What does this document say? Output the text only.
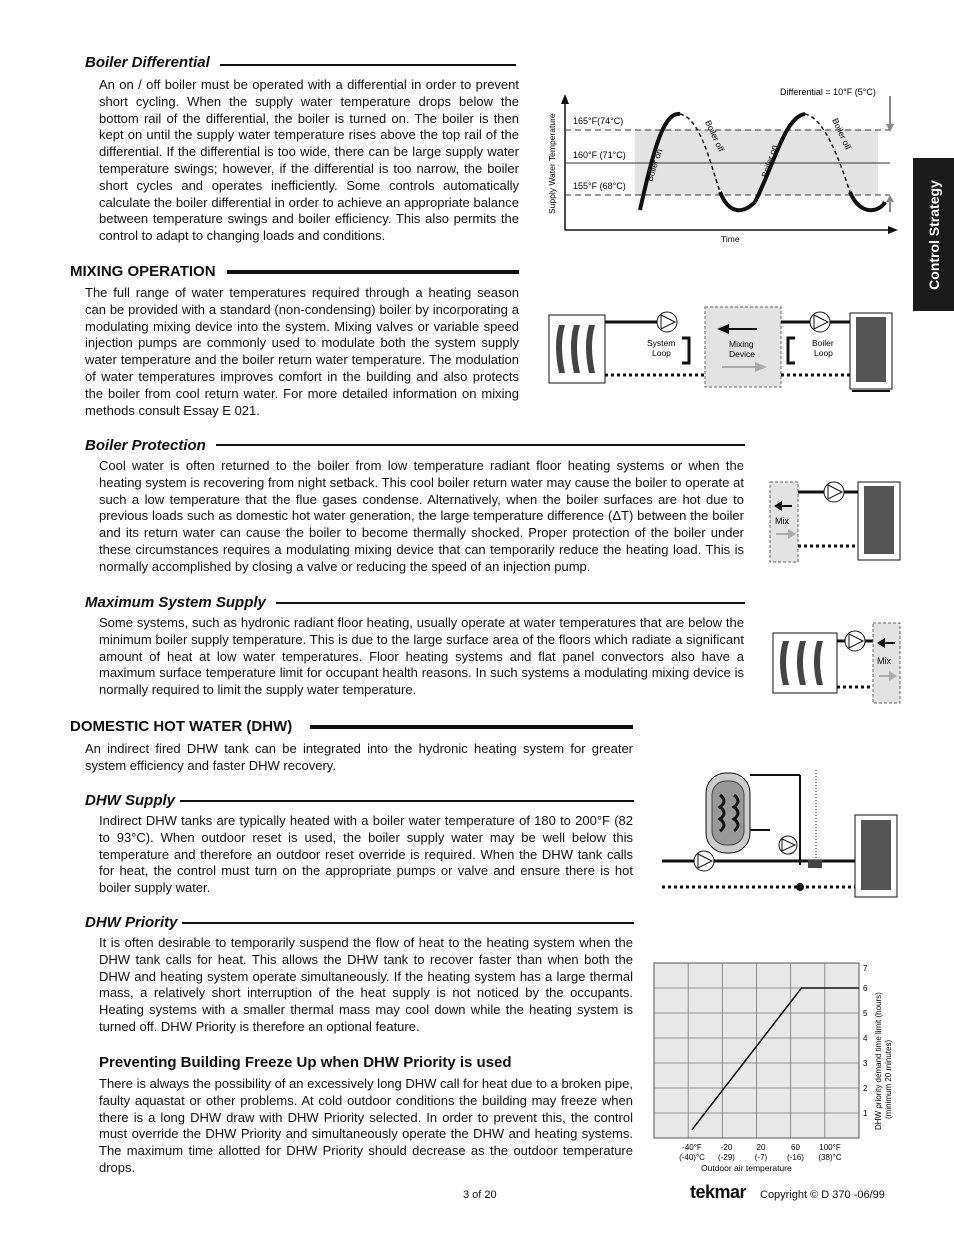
Control Strategy
Boiler Differential
An on / off boiler must be operated with a differential in order to prevent short cycling. When the supply water temperature drops below the bottom rail of the differential, the boiler is turned on. The boiler is then kept on until the supply water temperature rises above the top rail of the differential. If the differential is too wide, there can be large supply water temperature swings; however, if the differential is too narrow, the boiler short cycles and operates inefficiently. Some controls automatically calculate the boiler differential in order to achieve an appropriate balance between temperature swings and boiler efficiency. This also permits the control to adapt to changing loads and conditions.
Differential = 10°F (5°C)
Supply Water Temperature
Time
165°F(74°C)
160°F (71°C)
155°F (68°C)
Boiler on
Boiler off
Boiler on
Boiler off
MIXING OPERATION
The full range of water temperatures required through a heating season can be provided with a standard (non-condensing) boiler by incorporating a modulating mixing device into the system. Mixing valves or variable speed injection pumps are commonly used to modulate both the system supply water temperature and the boiler return water temperature. The modulation of water temperatures improves comfort in the building and also protects the boiler from cool return water. For more detailed information on mixing methods consult Essay E 021.
System
Loop
Mixing
Device
Boiler
Loop
Boiler Protection
Cool water is often returned to the boiler from low temperature radiant floor heating systems or when the heating system is recovering from night setback. This cool boiler return water may cause the boiler to operate at such a low temperature that the flue gases condense. Alternatively, when the boiler surfaces are hot due to previous loads such as domestic hot water generation, the large temperature difference (ΔT) between the boiler and its return water can cause the boiler to become thermally shocked. Proper protection of the boiler under these circumstances requires a modulating mixing device that can temporarily reduce the heating load. This is normally accomplished by closing a valve or reducing the speed of an injection pump.
Mix
Maximum System Supply
Some systems, such as hydronic radiant floor heating, usually operate at water temperatures that are below the minimum boiler supply temperature. This is due to the large surface area of the floors which radiate a significant amount of heat at low water temperatures. Floor heating systems and flat panel convectors also have a maximum surface temperature limit for occupant health reasons. In such systems a modulating mixing device is normally required to limit the supply water temperature.
Mix
DOMESTIC HOT WATER (DHW)
An indirect fired DHW tank can be integrated into the hydronic heating system for greater system efficiency and faster DHW recovery.
DHW Supply
Indirect DHW tanks are typically heated with a boiler water temperature of 180 to 200°F (82 to 93°C). When outdoor reset is used, the boiler supply water may be well below this temperature and therefore an outdoor reset override is required. When the DHW tank calls for heat, the control must turn on the appropriate pumps or valve and ensure there is hot boiler supply water.
DHW Priority
It is often desirable to temporarily suspend the flow of heat to the heating system when the DHW tank calls for heat. This allows the DHW tank to recover faster than when both the DHW and heating system operate simultaneously. If the heating system has a large thermal mass, a relatively short interruption of the heat supply is not noticed by the occupants. Heating systems with a smaller thermal mass may cool down while the heating system is turned off. DHW Priority is therefore an optional feature.
Preventing Building Freeze Up when DHW Priority is used
There is always the possibility of an excessively long DHW call for heat due to a broken pipe, faulty aquastat or other problems. At cold outdoor conditions the building may freeze when there is a long DHW draw with DHW Priority selected. In order to prevent this, the control must override the DHW Priority and simultaneously operate the DHW and heating systems. The maximum time allotted for DHW Priority should decrease as the outdoor temperature drops.
-40°F
(-40)°C
-20
(-29)
20
(-7)
60
(-16)
100°F
(38)°C
1
2
3
4
5
6
7
Outdoor air temperature
DHW priority demand time limit (hours) (minimum 20 minutes)
3 of 20	tekmar Copyright © D 370 -06/99
